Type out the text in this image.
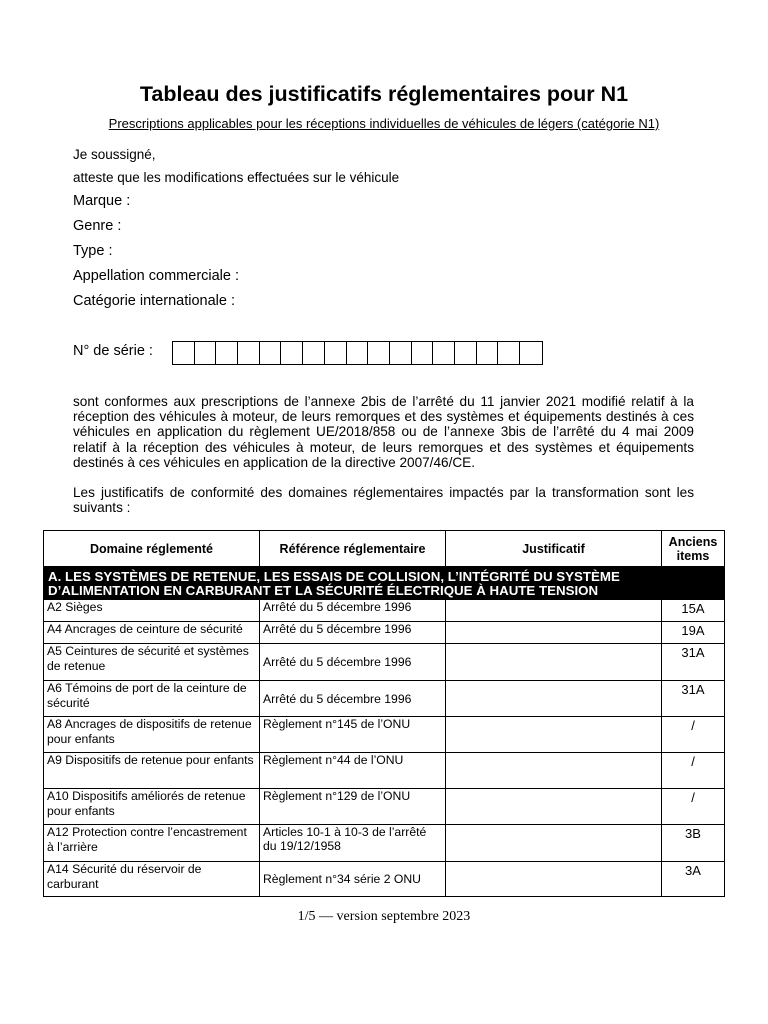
Tableau des justificatifs réglementaires pour N1
Prescriptions applicables pour les réceptions individuelles de véhicules de légers (catégorie N1)
Je soussigné,
atteste que les modifications effectuées sur le véhicule
Marque :
Genre :
Type :
Appellation commerciale :
Catégorie internationale :
N° de série :
sont conformes aux prescriptions de l’annexe 2bis de l’arrêté du 11 janvier 2021 modifié relatif à la réception des véhicules à moteur, de leurs remorques et des systèmes et équipements destinés à ces véhicules en application du règlement UE/2018/858 ou de l’annexe 3bis de l’arrêté du 4 mai 2009 relatif à la réception des véhicules à moteur, de leurs remorques et des systèmes et équipements destinés à ces véhicules en application de la directive 2007/46/CE.
Les justificatifs de conformité des domaines réglementaires impactés par la transformation sont les suivants :
Domaine réglementé	Référence réglementaire	Justificatif	Anciens items
A. LES SYSTÈMES DE RETENUE, LES ESSAIS DE COLLISION, L’INTÉGRITÉ DU SYSTÈME D’ALIMENTATION EN CARBURANT ET LA SÉCURITÉ ÉLECTRIQUE À HAUTE TENSION			
A2 Sièges	Arrêté du 5 décembre 1996		15A
A4 Ancrages de ceinture de sécurité	Arrêté du 5 décembre 1996		19A
A5 Ceintures de sécurité et systèmes de retenue	Arrêté du 5 décembre 1996		31A
A6 Témoins de port de la ceinture de sécurité	Arrêté du 5 décembre 1996		31A
A8 Ancrages de dispositifs de retenue pour enfants	Règlement n°145 de l’ONU		/
A9 Dispositifs de retenue pour enfants	Règlement n°44 de l’ONU		/
A10 Dispositifs améliorés de retenue pour enfants	Règlement n°129 de l’ONU		/
A12 Protection contre l’encastrement à l’arrière	Articles 10-1 à 10-3 de l’arrêté du 19/12/1958		3B
A14 Sécurité du réservoir de carburant	Règlement n°34 série 2 ONU		3A
1/5 — version septembre 2023
